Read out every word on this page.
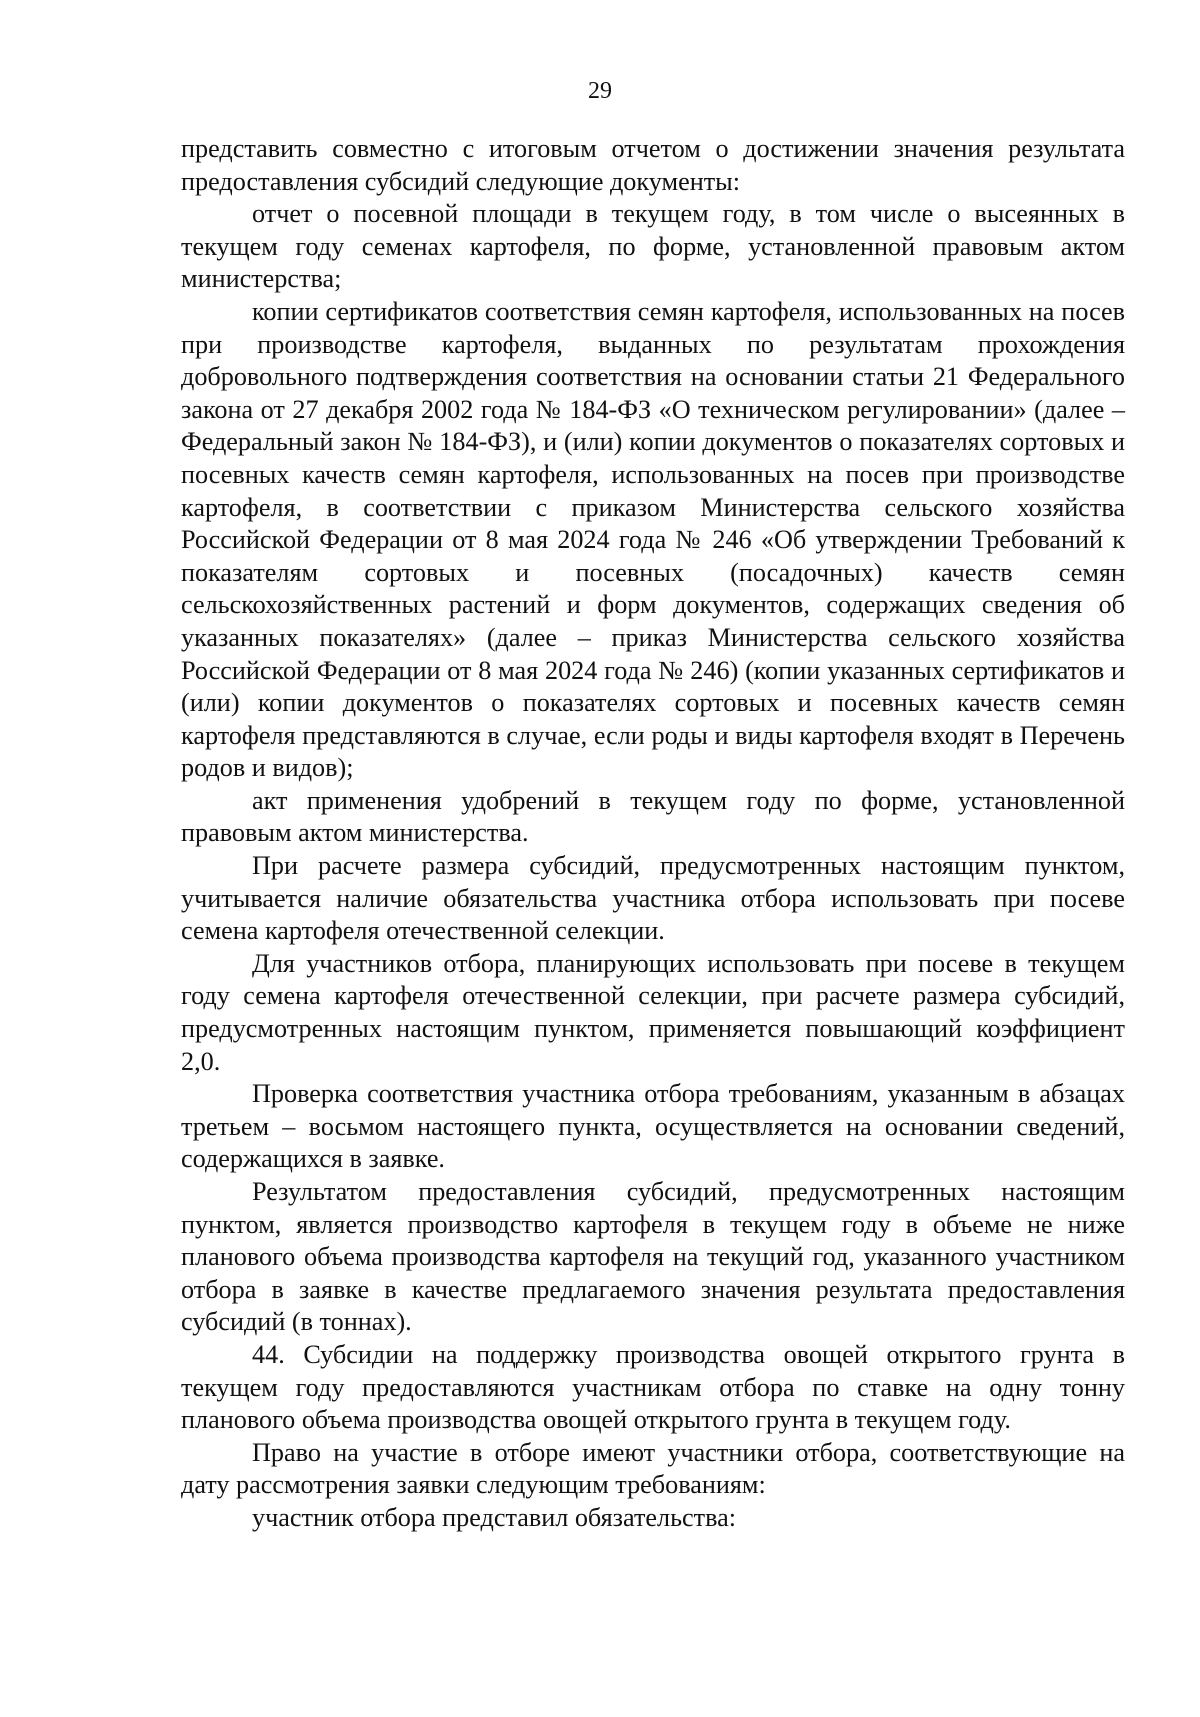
29

представить совместно с итоговым отчетом о достижении значения результата предоставления субсидий следующие документы:

отчет о посевной площади в текущем году, в том числе о высеянных в текущем году семенах картофеля, по форме, установленной правовым актом министерства;

копии сертификатов соответствия семян картофеля, использованных на посев при производстве картофеля, выданных по результатам прохождения добровольного подтверждения соответствия на основании статьи 21 Федерального закона от 27 декабря 2002 года № 184-ФЗ «О техническом регулировании» (далее – Федеральный закон № 184-ФЗ), и (или) копии документов о показателях сортовых и посевных качеств семян картофеля, использованных на посев при производстве картофеля, в соответствии с приказом Министерства сельского хозяйства Российской Федерации от 8 мая 2024 года № 246 «Об утверждении Требований к показателям сортовых и посевных (посадочных) качеств семян сельскохозяйственных растений и форм документов, содержащих сведения об указанных показателях» (далее – приказ Министерства сельского хозяйства Российской Федерации от 8 мая 2024 года № 246) (копии указанных сертификатов и (или) копии документов о показателях сортовых и посевных качеств семян картофеля представляются в случае, если роды и виды картофеля входят в Перечень родов и видов);

акт применения удобрений в текущем году по форме, установленной правовым актом министерства.

При расчете размера субсидий, предусмотренных настоящим пунктом, учитывается наличие обязательства участника отбора использовать при посеве семена картофеля отечественной селекции.

Для участников отбора, планирующих использовать при посеве в текущем году семена картофеля отечественной селекции, при расчете размера субсидий, предусмотренных настоящим пунктом, применяется повышающий коэффициент 2,0.

Проверка соответствия участника отбора требованиям, указанным в абзацах третьем – восьмом настоящего пункта, осуществляется на основании сведений, содержащихся в заявке.

Результатом предоставления субсидий, предусмотренных настоящим пунктом, является производство картофеля в текущем году в объеме не ниже планового объема производства картофеля на текущий год, указанного участником отбора в заявке в качестве предлагаемого значения результата предоставления субсидий (в тоннах).

44. Субсидии на поддержку производства овощей открытого грунта в текущем году предоставляются участникам отбора по ставке на одну тонну планового объема производства овощей открытого грунта в текущем году.

Право на участие в отборе имеют участники отбора, соответствующие на дату рассмотрения заявки следующим требованиям:

участник отбора представил обязательства:
